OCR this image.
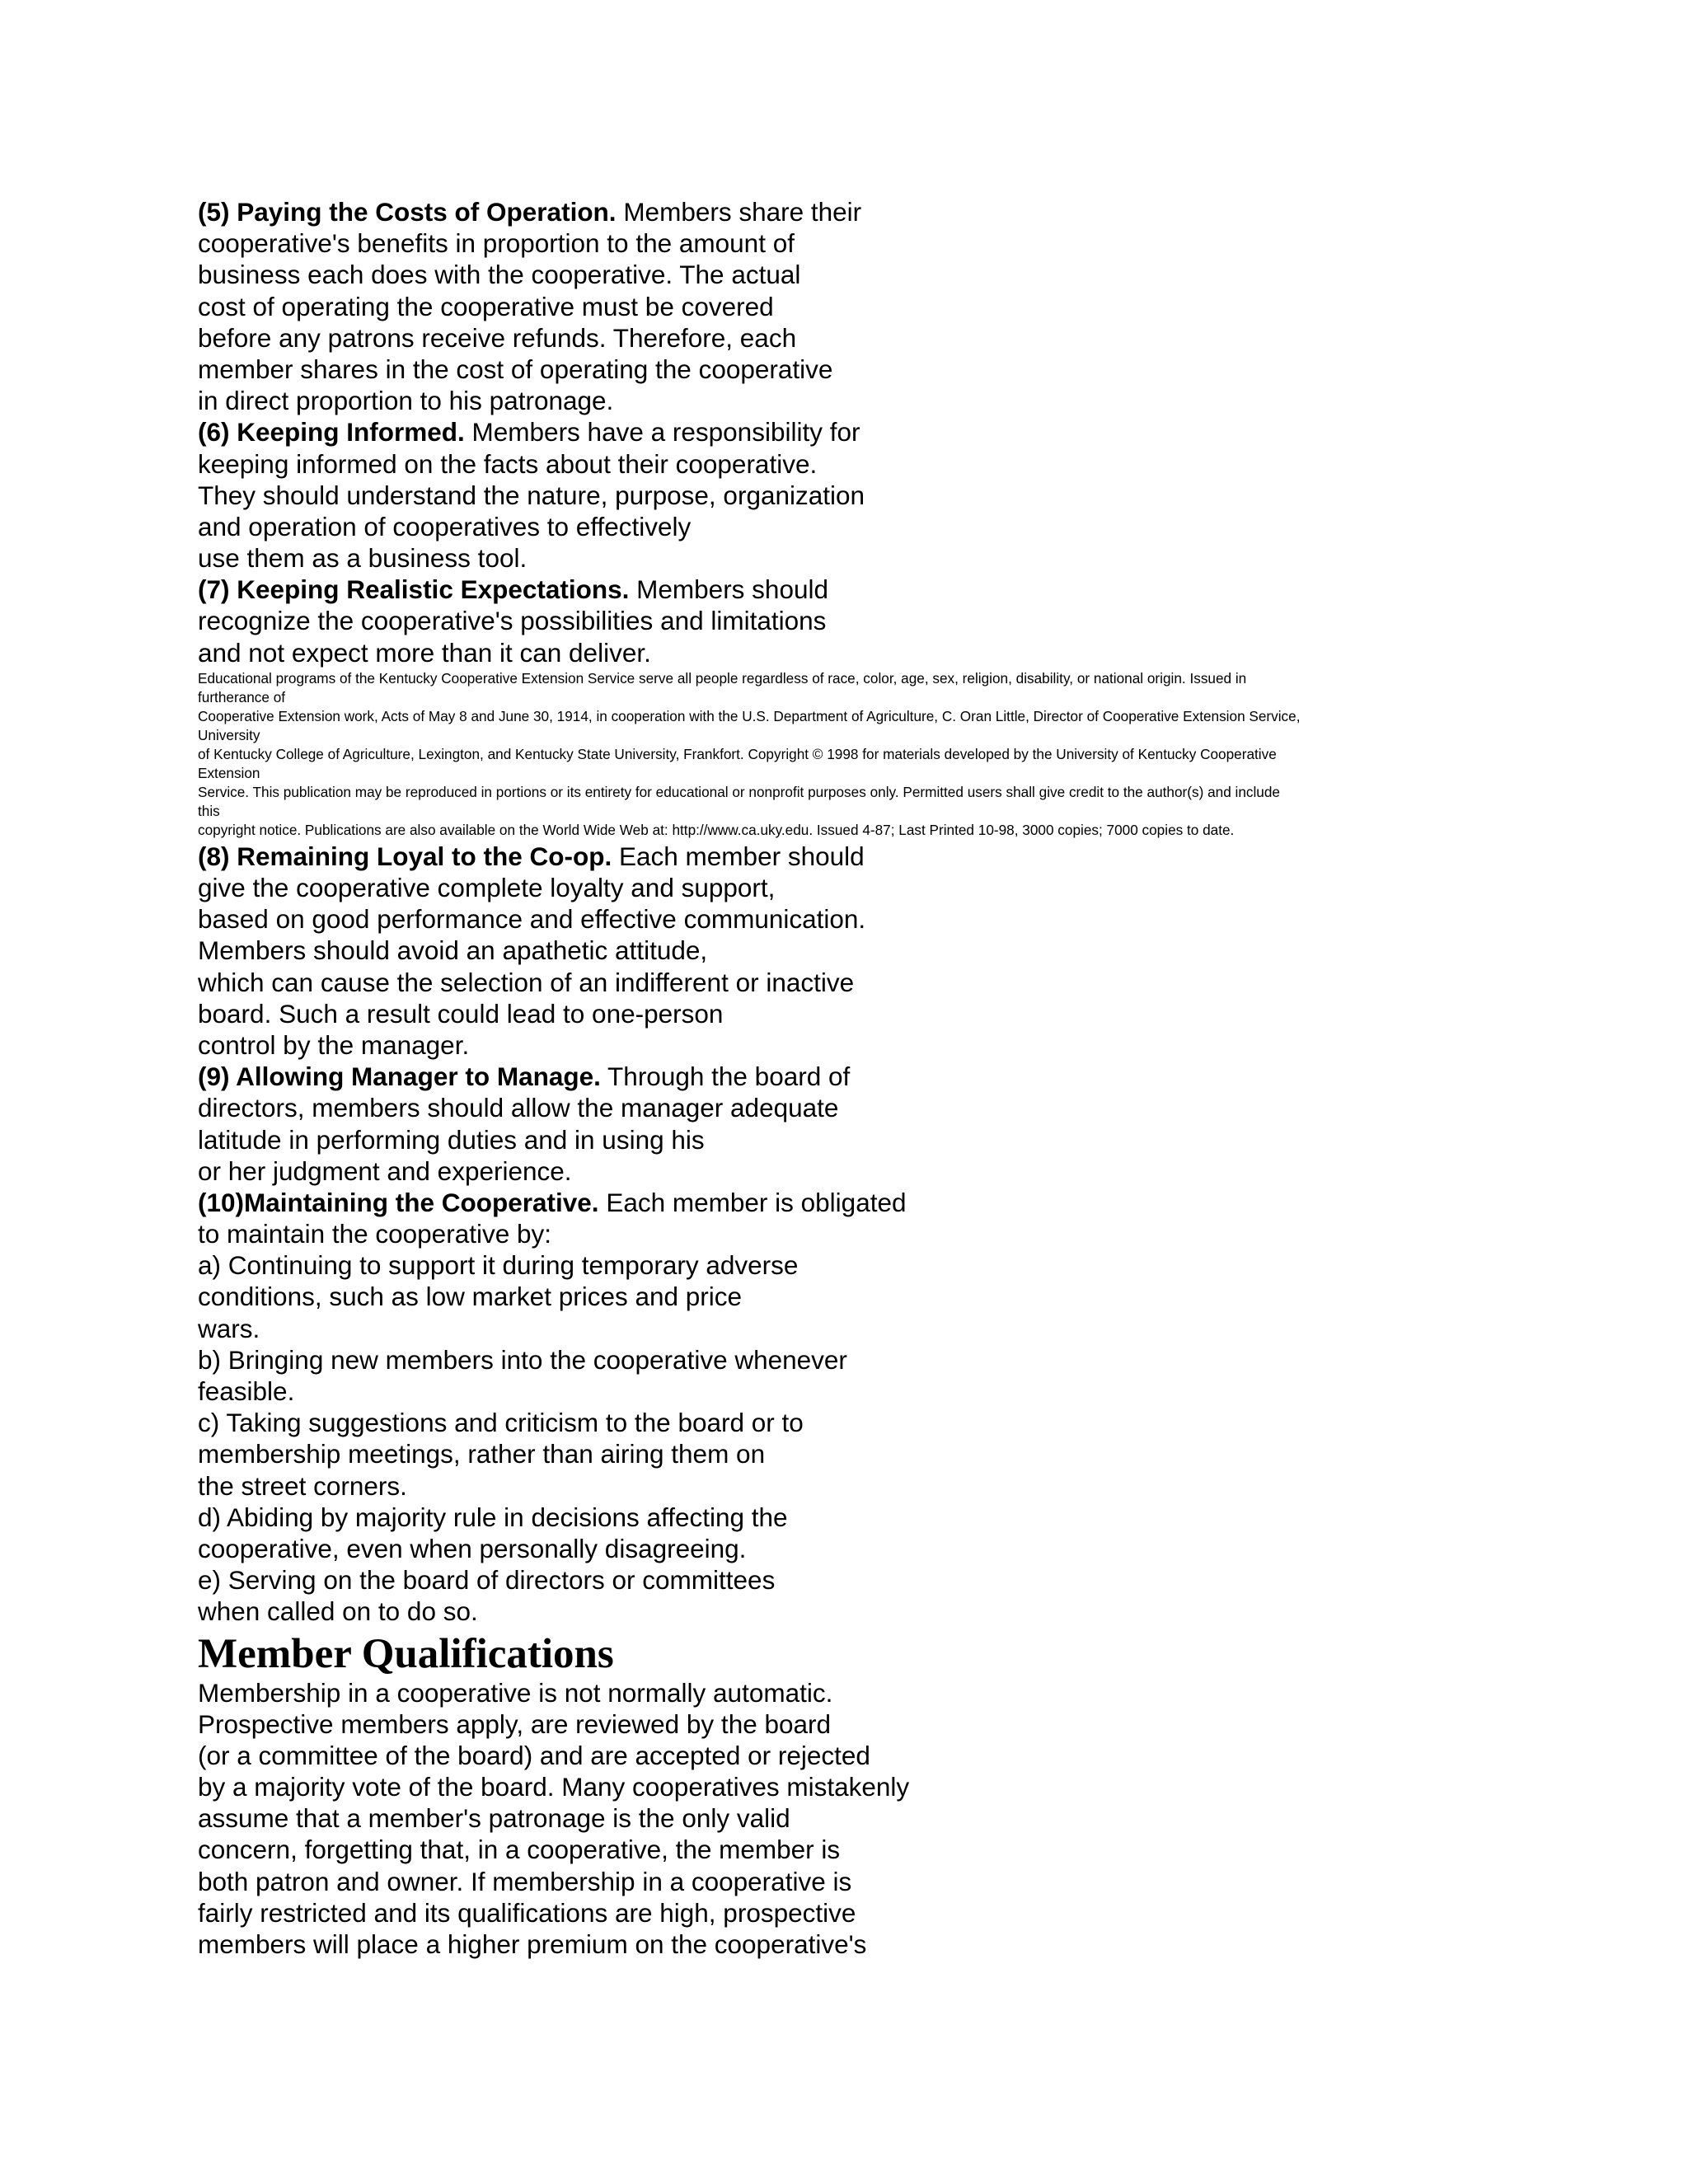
(5) Paying the Costs of Operation. Members share their
cooperative's benefits in proportion to the amount of
business each does with the cooperative. The actual
cost of operating the cooperative must be covered
before any patrons receive refunds. Therefore, each
member shares in the cost of operating the cooperative
in direct proportion to his patronage.
(6) Keeping Informed. Members have a responsibility for
keeping informed on the facts about their cooperative.
They should understand the nature, purpose, organization
and operation of cooperatives to effectively
use them as a business tool.
(7) Keeping Realistic Expectations. Members should
recognize the cooperative's possibilities and limitations
and not expect more than it can deliver.
Educational programs of the Kentucky Cooperative Extension Service serve all people regardless of race, color, age, sex, religion, disability, or national origin. Issued in
furtherance of
Cooperative Extension work, Acts of May 8 and June 30, 1914, in cooperation with the U.S. Department of Agriculture, C. Oran Little, Director of Cooperative Extension Service,
University
of Kentucky College of Agriculture, Lexington, and Kentucky State University, Frankfort. Copyright © 1998 for materials developed by the University of Kentucky Cooperative
Extension
Service. This publication may be reproduced in portions or its entirety for educational or nonprofit purposes only. Permitted users shall give credit to the author(s) and include
this
copyright notice. Publications are also available on the World Wide Web at: http://www.ca.uky.edu. Issued 4-87; Last Printed 10-98, 3000 copies; 7000 copies to date.
(8) Remaining Loyal to the Co-op. Each member should
give the cooperative complete loyalty and support,
based on good performance and effective communication.
Members should avoid an apathetic attitude,
which can cause the selection of an indifferent or inactive
board. Such a result could lead to one-person
control by the manager.
(9) Allowing Manager to Manage. Through the board of
directors, members should allow the manager adequate
latitude in performing duties and in using his
or her judgment and experience.
(10)Maintaining the Cooperative. Each member is obligated
to maintain the cooperative by:
a) Continuing to support it during temporary adverse
conditions, such as low market prices and price
wars.
b) Bringing new members into the cooperative whenever
feasible.
c) Taking suggestions and criticism to the board or to
membership meetings, rather than airing them on
the street corners.
d) Abiding by majority rule in decisions affecting the
cooperative, even when personally disagreeing.
e) Serving on the board of directors or committees
when called on to do so.
Member Qualifications
Membership in a cooperative is not normally automatic.
Prospective members apply, are reviewed by the board
(or a committee of the board) and are accepted or rejected
by a majority vote of the board. Many cooperatives mistakenly
assume that a member's patronage is the only valid
concern, forgetting that, in a cooperative, the member is
both patron and owner. If membership in a cooperative is
fairly restricted and its qualifications are high, prospective
members will place a higher premium on the cooperative's
